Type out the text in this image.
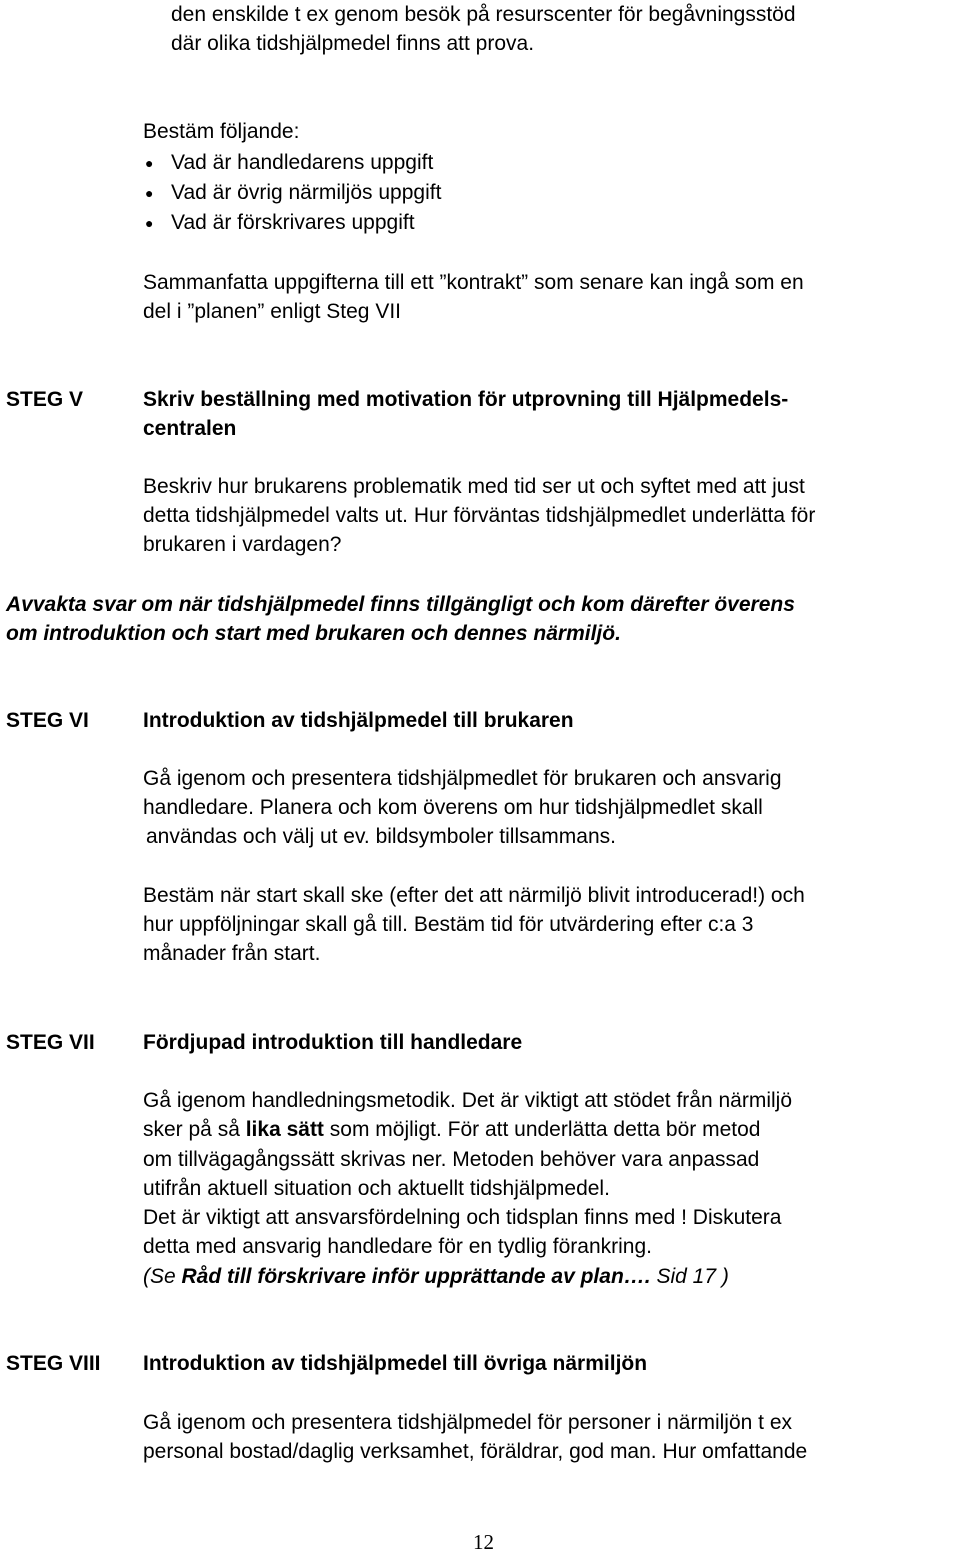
den enskilde t ex genom besök på resurscenter för begåvningsstöd
där olika tidshjälpmedel finns att prova.
Bestäm följande:
● Vad är handledarens uppgift
● Vad är övrig närmiljös uppgift
● Vad är förskrivares uppgift
Sammanfatta uppgifterna till ett ”kontrakt” som senare kan ingå som en
del i ”planen” enligt Steg VII
STEG V	Skriv beställning med motivation för utprovning till Hjälpmedels-
centralen
Beskriv hur brukarens problematik med tid ser ut och syftet med att just
detta tidshjälpmedel valts ut. Hur förväntas tidshjälpmedlet underlätta för
brukaren i vardagen?
Avvakta svar om när tidshjälpmedel finns tillgängligt och kom därefter överens
om introduktion och start med brukaren och dennes närmiljö.
STEG VI	Introduktion av tidshjälpmedel till brukaren
Gå igenom och presentera tidshjälpmedlet för brukaren och ansvarig
handledare. Planera och kom överens om hur tidshjälpmedlet skall
användas och välj ut ev. bildsymboler tillsammans.
Bestäm när start skall ske (efter det att närmiljö blivit introducerad!) och
hur uppföljningar skall gå till. Bestäm tid för utvärdering efter c:a 3
månader från start.
STEG VII Fördjupad introduktion till handledare
Gå igenom handledningsmetodik. Det är viktigt att stödet från närmiljö
sker på så lika sätt som möjligt. För att underlätta detta bör metod
om tillvägagångssätt skrivas ner. Metoden behöver vara anpassad
utifrån aktuell situation och aktuellt tidshjälpmedel.
Det är viktigt att ansvarsfördelning och tidsplan finns med ! Diskutera
detta med ansvarig handledare för en tydlig förankring.
(Se Råd till förskrivare inför upprättande av plan…. Sid 17 )
STEG VIII Introduktion av tidshjälpmedel till övriga närmiljön
Gå igenom och presentera tidshjälpmedel för personer i närmiljön t ex
personal bostad/daglig verksamhet, föräldrar, god man. Hur omfattande
12
